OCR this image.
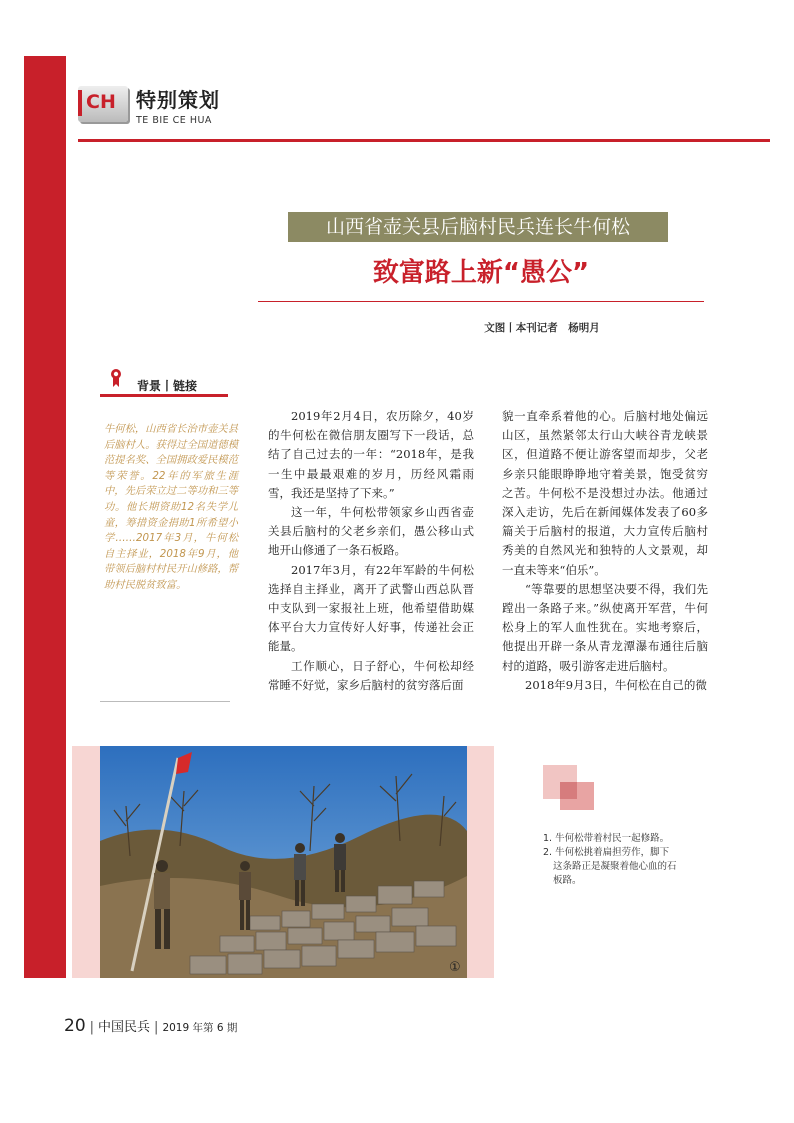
CH 特别策划
TE BIE CE HUA
山西省壶关县后脑村民兵连长牛何松
致富路上新“愚公”
文图丨本刊记者　杨明月
背景丨链接
牛何松，山西省长治市壶关县后脑村人。获得过全国道德模范提名奖、全国拥政爱民模范等荣誉。22年的军旅生涯中，先后荣立过二等功和三等功。他长期资助12名失学儿童，筹措资金捐助1所希望小学……2017年3月，牛何松自主择业，2018年9月，他带领后脑村村民开山修路，帮助村民脱贫致富。

2019年2月4日，农历除夕，40岁的牛何松在微信朋友圈写下一段话，总结了自己过去的一年：“2018年，是我一生中最最艰难的岁月，历经风霜雨雪，我还是坚持了下来。”

这一年，牛何松带领家乡山西省壶关县后脑村的父老乡亲们，愚公移山式地开山修通了一条石板路。

2017年3月，有22年军龄的牛何松选择自主择业，离开了武警山西总队晋中支队到一家报社上班，他希望借助媒体平台大力宣传好人好事，传递社会正能量。

工作顺心，日子舒心，牛何松却经常睡不好觉，家乡后脑村的贫穷落后面

貌一直牵系着他的心。后脑村地处偏远山区，虽然紧邻太行山大峡谷青龙峡景区，但道路不便让游客望而却步，父老乡亲只能眼睁睁地守着美景，饱受贫穷之苦。牛何松不是没想过办法。他通过深入走访，先后在新闻媒体发表了60多篇关于后脑村的报道，大力宣传后脑村秀美的自然风光和独特的人文景观，却一直未等来“伯乐”。

“等靠要的思想坚决要不得，我们先蹚出一条路子来。”纵使离开军营，牛何松身上的军人血性犹在。实地考察后，他提出开辟一条从青龙潭瀑布通往后脑村的道路，吸引游客走进后脑村。

2018年9月3日，牛何松在自己的微

①
1. 牛何松带着村民一起修路。
2. 牛何松挑着扁担劳作，脚下
这条路正是凝聚着他心血的石
板路。
20 | 中国民兵 | 2019 年第 6 期
